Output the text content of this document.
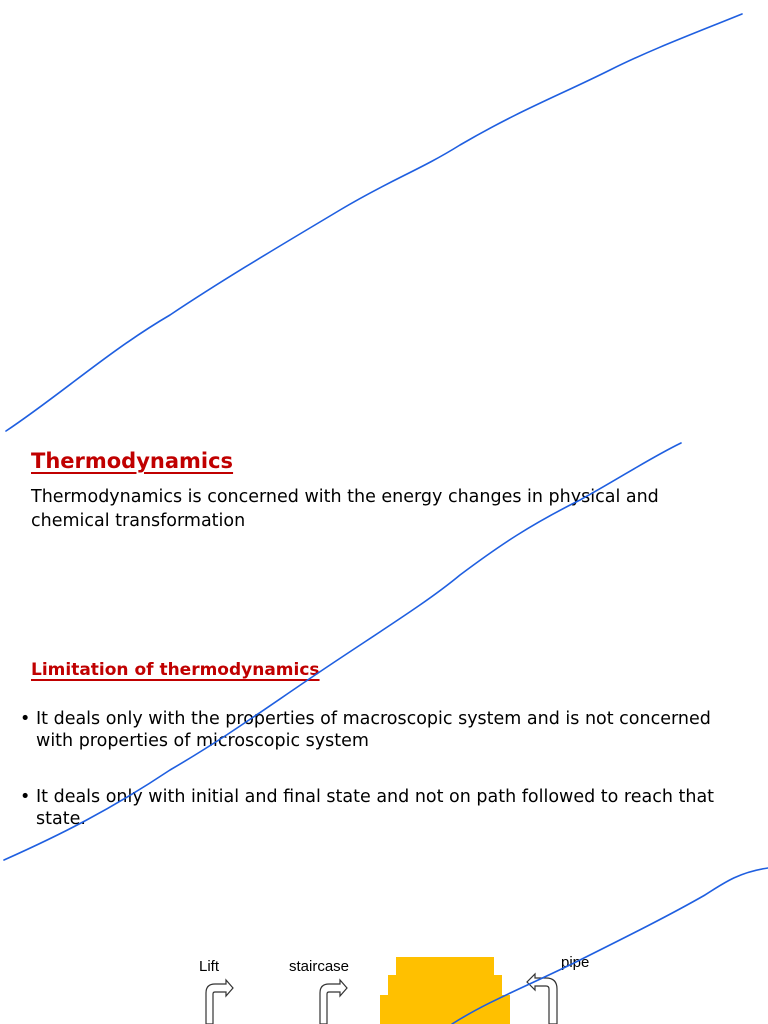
Thermodynamics

Thermodynamics is concerned with the energy changes in physical and chemical transformation

Limitation of thermodynamics
• It deals only with the properties of macroscopic system and is not concerned with properties of microscopic system
• It deals only with initial and final state and not on path followed to reach that state.
Lift	staircase	pipe
